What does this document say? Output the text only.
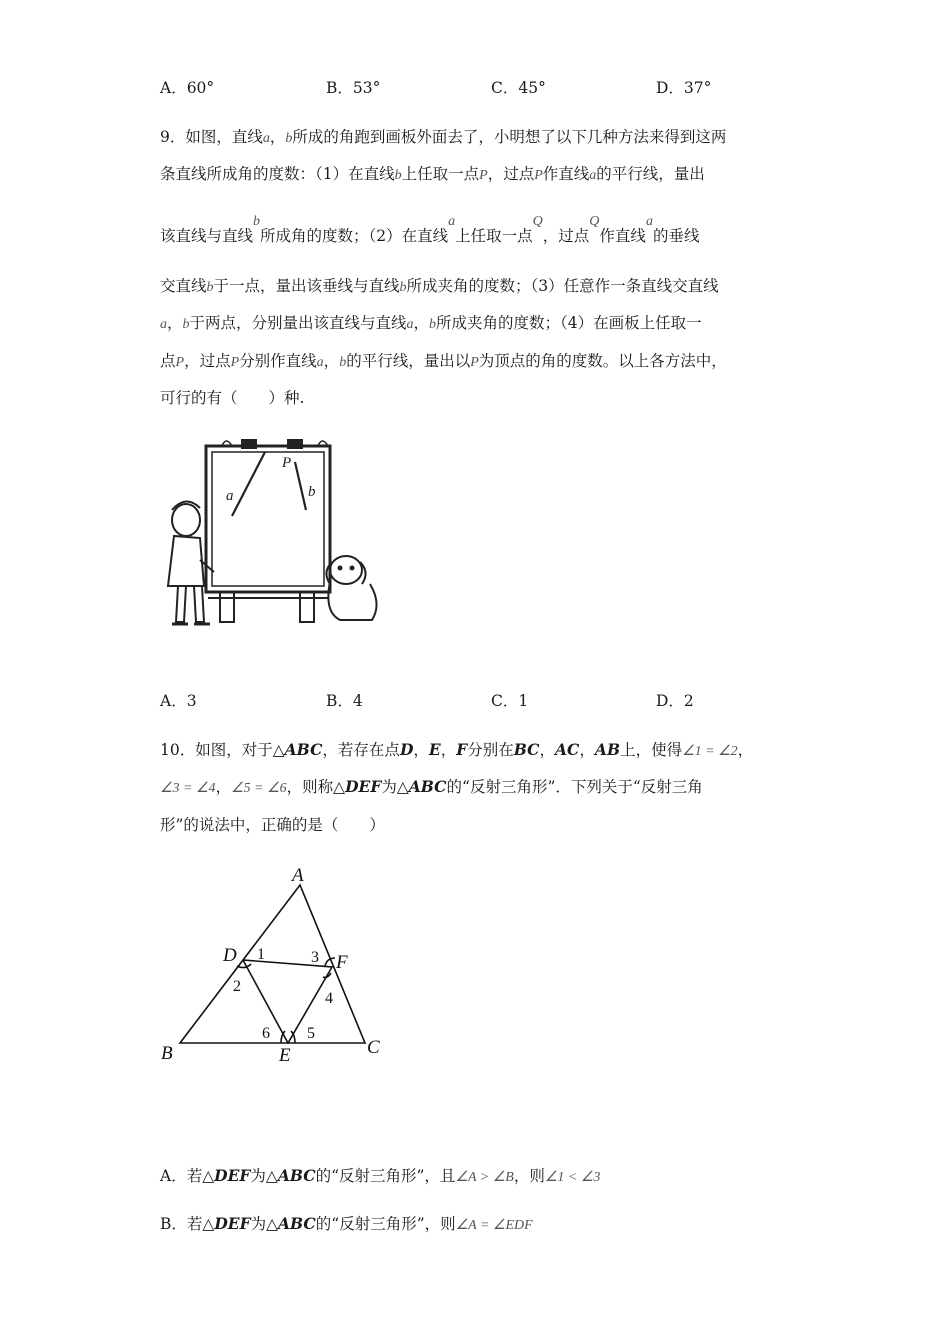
A．60°	B．53°	C．45°	D．37°
9．如图，直线a，b所成的角跑到画板外面去了，小明想了以下几种方法来得到这两
条直线所成角的度数：（1）在直线b上任取一点P，过点P作直线a的平行线，量出
该直线与直线b所成角的度数；（2）在直线a上任取一点Q，过点Q作直线a的垂线
交直线b于一点，量出该垂线与直线b所成夹角的度数；（3）任意作一条直线交直线
a，b于两点，分别量出该直线与直线a，b所成夹角的度数；（4）在画板上任取一
点P，过点P分别作直线a，b的平行线，量出以P为顶点的角的度数。以上各方法中，
可行的有（　　）种.
P
a	b
A．3	B．4	C．1	D．2
10．如图，对于△ABC，若存在点D，E，F分别在BC，AC，AB上，使得∠1 = ∠2，
∠3 = ∠4，∠5 = ∠6，则称△DEF为△ABC的“反射三角形”．下列关于“反射三角
形”的说法中，正确的是（　　）
A
B	C
D
E
F
1
2
3
4
5
6
A．若△DEF为△ABC的“反射三角形”，且∠A > ∠B，则∠1 < ∠3
B．若△DEF为△ABC的“反射三角形”，则∠A = ∠EDF
